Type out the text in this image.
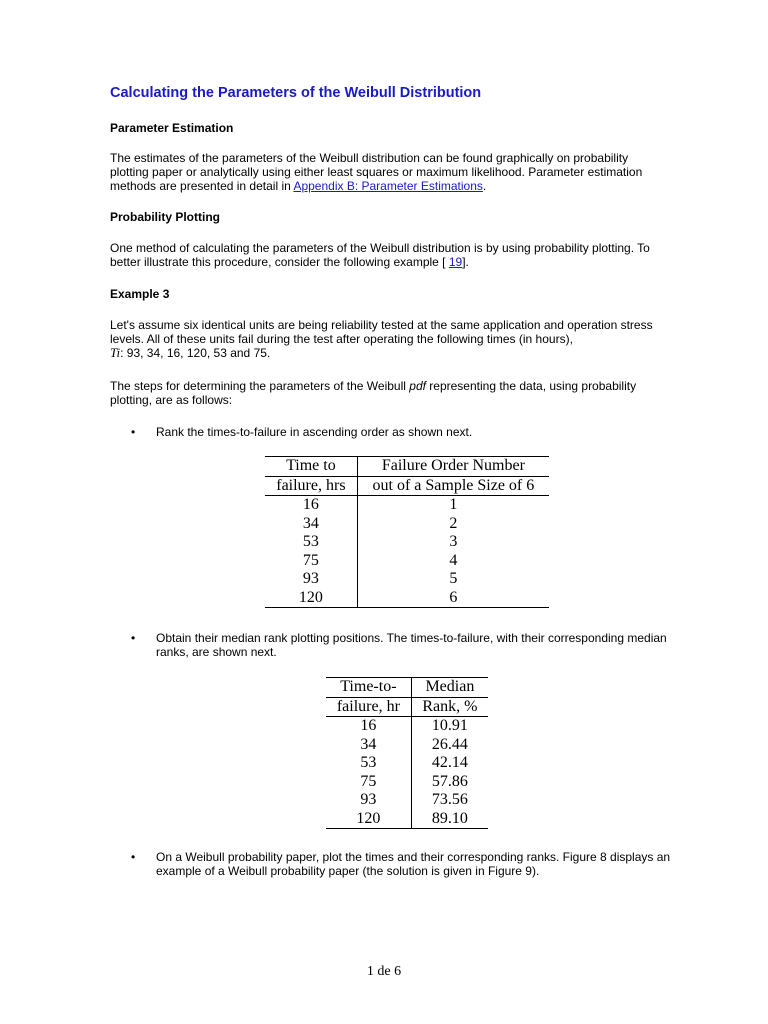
Calculating the Parameters of the Weibull Distribution
Parameter Estimation
The estimates of the parameters of the Weibull distribution can be found graphically on probability plotting paper or analytically using either least squares or maximum likelihood. Parameter estimation methods are presented in detail in Appendix B: Parameter Estimations.
Probability Plotting
One method of calculating the parameters of the Weibull distribution is by using probability plotting. To better illustrate this procedure, consider the following example [ 19].
Example 3
Let's assume six identical units are being reliability tested at the same application and operation stress levels. All of these units fail during the test after operating the following times (in hours),
Ti: 93, 34, 16, 120, 53 and 75.
The steps for determining the parameters of the Weibull pdf representing the data, using probability plotting, are as follows:
• Rank the times-to-failure in ascending order as shown next.
Time to	Failure Order Number
failure, hrs	out of a Sample Size of 6
16	1
34	2
53	3
75	4
93	5
120	6
• Obtain their median rank plotting positions. The times-to-failure, with their corresponding median ranks, are shown next.
Time-to-	Median
failure, hr	Rank, %
16	10.91
34	26.44
53	42.14
75	57.86
93	73.56
120	89.10
• On a Weibull probability paper, plot the times and their corresponding ranks. Figure 8 displays an example of a Weibull probability paper (the solution is given in Figure 9).
1 de 6
